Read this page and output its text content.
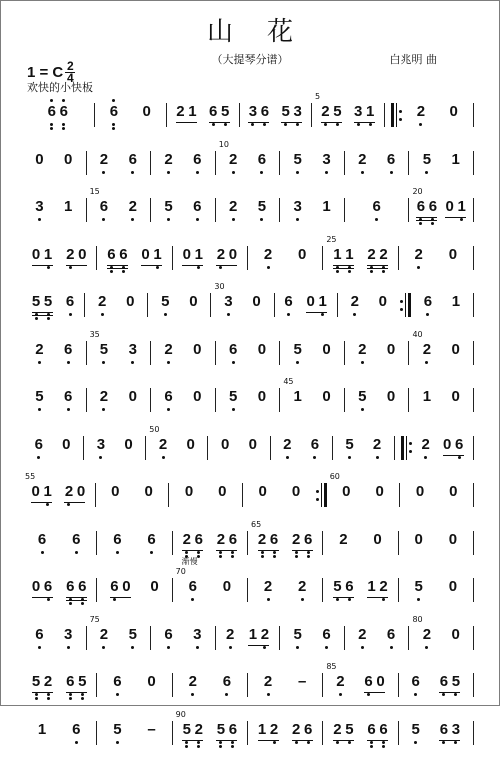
山花
（大提琴分谱）	白兆明 曲
1 = C $\frac{2}{4}$
欢快的小快板
6 6	6 0 2 1 6 5 3 6 5 3
5
2 5 3 1	2 0
0 0 2 6 2 6
10
2 6 5 3 2 6 5 1
3 1
15
6 2 5 6 2 5 3 1	6
20
6 6 0 1
0 1 2 0 6 6 0 1 0 1 2 0 2 0
25
1 1 2 2 2 0
5 5 6 2 0 5 0
30
3 0 6 0 1 2 0 6 1
2 6
35
5 3 2 0 6 0 5 0 2 0
40
2 0
5 6 2 0 6 0 5 0
45
1 0 5 0 1 0
6 0 3 0
50
2 0 0 0 2 6 5 2	2 0 6
55
0 1 2 0 0 0 0 0 0 0
60
0 0 0 0
6 6 6 6 2 6 2 6
65
2 6 2 6 2 0 0 0
0 6 6 6 6 0 0
70
渐慢
6 0 2 2 5 6 1 2 5 0
6 3
75
2 5 6 3 2 1 2 5 6 2 6
80
2 0
5 2 6 5 6 0 2 6 2 –
85
2 6 0 6 6 5
1 6 5 –
90
5 2 5 6 1 2 2 6 2 5 6 6 5 6 3
